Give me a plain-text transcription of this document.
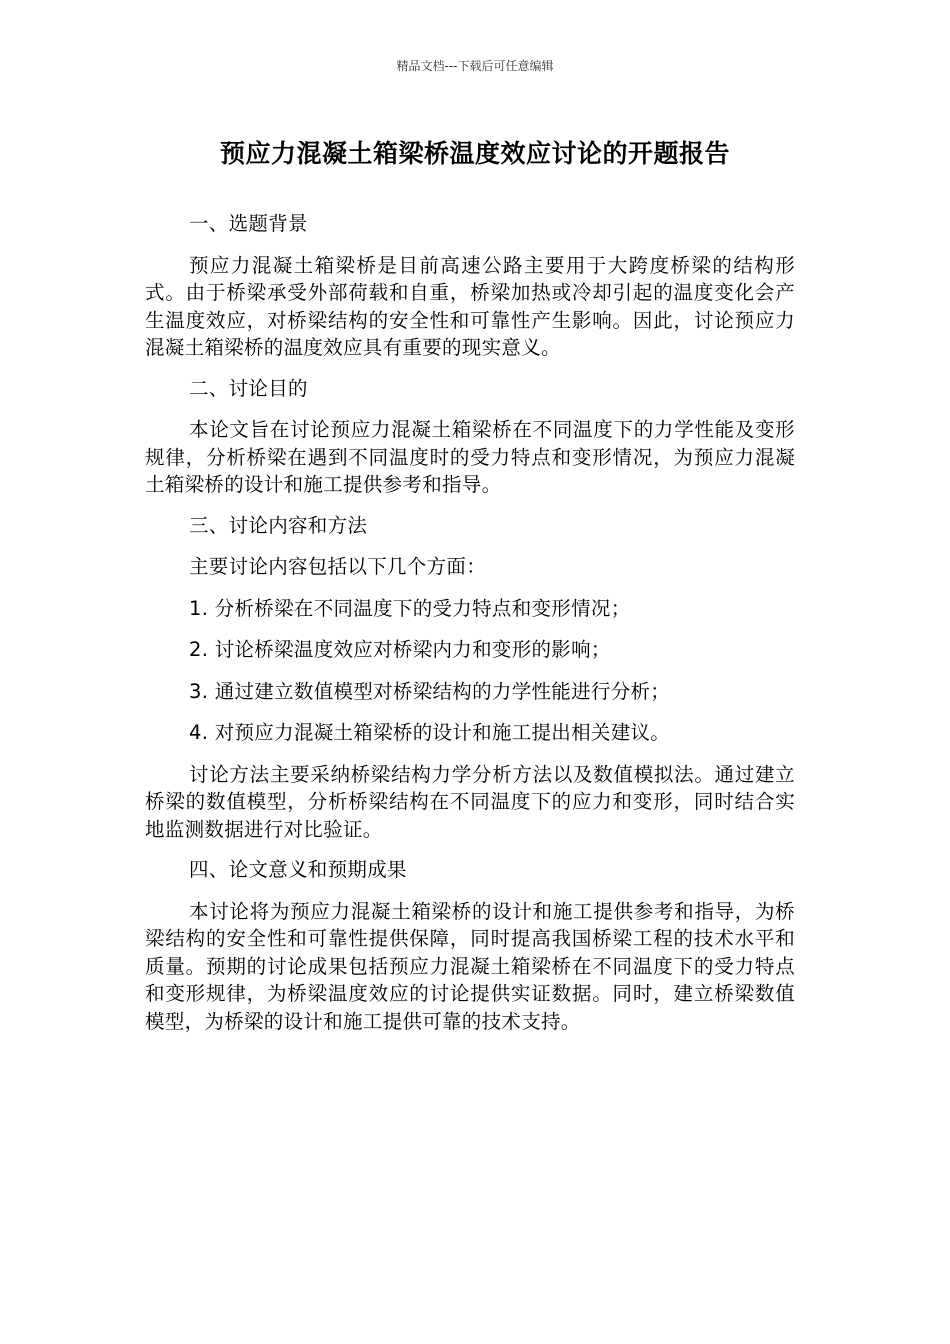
精品文档---下载后可任意编辑
预应力混凝土箱梁桥温度效应讨论的开题报告

一、选题背景

预应力混凝土箱梁桥是目前高速公路主要用于大跨度桥梁的结构形式。由于桥梁承受外部荷载和自重，桥梁加热或冷却引起的温度变化会产生温度效应，对桥梁结构的安全性和可靠性产生影响。因此，讨论预应力混凝土箱梁桥的温度效应具有重要的现实意义。

二、讨论目的

本论文旨在讨论预应力混凝土箱梁桥在不同温度下的力学性能及变形规律，分析桥梁在遇到不同温度时的受力特点和变形情况，为预应力混凝土箱梁桥的设计和施工提供参考和指导。

三、讨论内容和方法

主要讨论内容包括以下几个方面：

1. 分析桥梁在不同温度下的受力特点和变形情况；

2. 讨论桥梁温度效应对桥梁内力和变形的影响；

3. 通过建立数值模型对桥梁结构的力学性能进行分析；

4. 对预应力混凝土箱梁桥的设计和施工提出相关建议。

讨论方法主要采纳桥梁结构力学分析方法以及数值模拟法。通过建立桥梁的数值模型，分析桥梁结构在不同温度下的应力和变形，同时结合实地监测数据进行对比验证。

四、论文意义和预期成果

本讨论将为预应力混凝土箱梁桥的设计和施工提供参考和指导，为桥梁结构的安全性和可靠性提供保障，同时提高我国桥梁工程的技术水平和质量。预期的讨论成果包括预应力混凝土箱梁桥在不同温度下的受力特点和变形规律，为桥梁温度效应的讨论提供实证数据。同时，建立桥梁数值模型，为桥梁的设计和施工提供可靠的技术支持。
